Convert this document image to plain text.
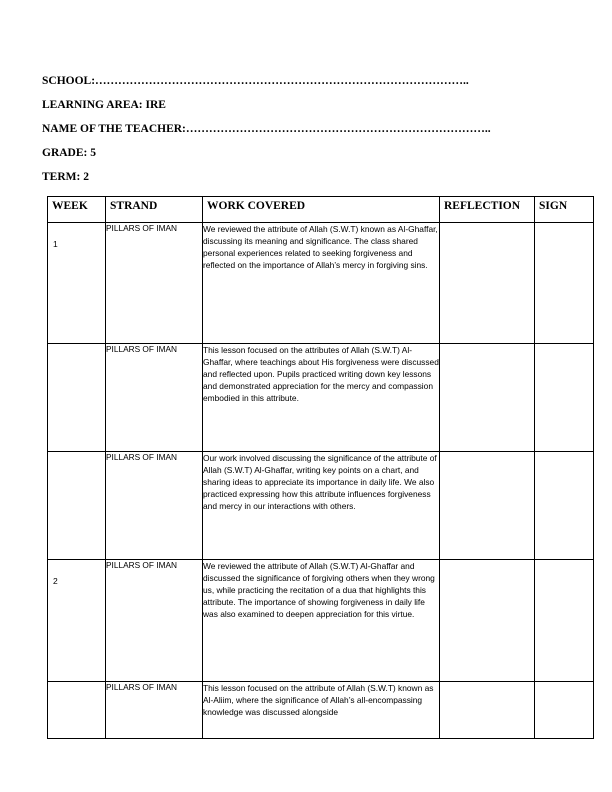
SCHOOL:……………………………………………………………………………………..

LEARNING AREA: IRE

NAME OF THE TEACHER:……………………………………………………………………..

GRADE: 5

TERM: 2

WEEK	STRAND	WORK COVERED	REFLECTION	SIGN

1	PILLARS OF IMAN	We reviewed the attribute of Allah (S.W.T) known as Al-Ghaffar, discussing its meaning and significance. The class shared personal experiences related to seeking forgiveness and reflected on the importance of Allah’s mercy in forgiving sins.		

	PILLARS OF IMAN	This lesson focused on the attributes of Allah (S.W.T) Al-Ghaffar, where teachings about His forgiveness were discussed and reflected upon. Pupils practiced writing down key lessons and demonstrated appreciation for the mercy and compassion embodied in this attribute.		

	PILLARS OF IMAN	Our work involved discussing the significance of the attribute of Allah (S.W.T) Al-Ghaffar, writing key points on a chart, and sharing ideas to appreciate its importance in daily life. We also practiced expressing how this attribute influences forgiveness and mercy in our interactions with others.		

2	PILLARS OF IMAN	We reviewed the attribute of Allah (S.W.T) Al-Ghaffar and discussed the significance of forgiving others when they wrong us, while practicing the recitation of a dua that highlights this attribute. The importance of showing forgiveness in daily life was also examined to deepen appreciation for this virtue.		

	PILLARS OF IMAN	This lesson focused on the attribute of Allah (S.W.T) known as Al-Aliim, where the significance of Allah’s all-encompassing knowledge was discussed alongside		
